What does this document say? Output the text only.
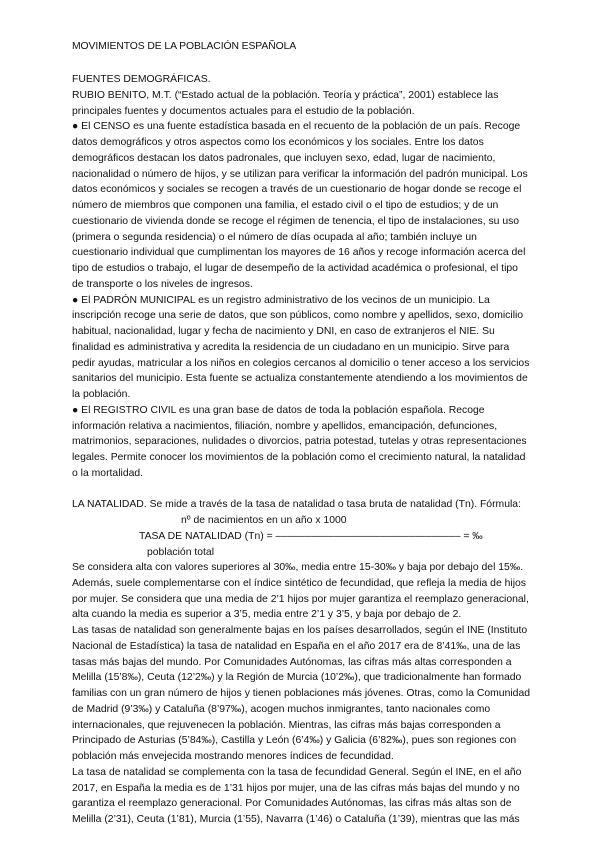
MOVIMIENTOS DE LA POBLACIÓN ESPAÑOLA

FUENTES DEMOGRÁFICAS.

RUBIO BENITO, M.T. (“Estado actual de la población. Teoría y práctica”, 2001) establece las principales fuentes y documentos actuales para el estudio de la población.

● El CENSO es una fuente estadística basada en el recuento de la población de un país. Recoge datos demográficos y otros aspectos como los económicos y los sociales. Entre los datos demográficos destacan los datos padronales, que incluyen sexo, edad, lugar de nacimiento, nacionalidad o número de hijos, y se utilizan para verificar la información del padrón municipal. Los datos económicos y sociales se recogen a través de un cuestionario de hogar donde se recoge el número de miembros que componen una familia, el estado civil o el tipo de estudios; y de un cuestionario de vivienda donde se recoge el régimen de tenencia, el tipo de instalaciones, su uso (primera o segunda residencia) o el número de días ocupada al año; también incluye un cuestionario individual que cumplimentan los mayores de 16 años y recoge información acerca del tipo de estudios o trabajo, el lugar de desempeño de la actividad académica o profesional, el tipo de transporte o los niveles de ingresos.

● El PADRÓN MUNICIPAL es un registro administrativo de los vecinos de un municipio. La inscripción recoge una serie de datos, que son públicos, como nombre y apellidos, sexo, domicilio habitual, nacionalidad, lugar y fecha de nacimiento y DNI, en caso de extranjeros el NIE. Su finalidad es administrativa y acredita la residencia de un ciudadano en un municipio. Sirve para pedir ayudas, matricular a los niños en colegios cercanos al domicilio o tener acceso a los servicios sanitarios del municipio. Esta fuente se actualiza constantemente atendiendo a los movimientos de la población.

● El REGISTRO CIVIL es una gran base de datos de toda la población española. Recoge información relativa a nacimientos, filiación, nombre y apellidos, emancipación, defunciones, matrimonios, separaciones, nulidades o divorcios, patria potestad, tutelas y otras representaciones legales. Permite conocer los movimientos de la población como el crecimiento natural, la natalidad o la mortalidad.

LA NATALIDAD. Se mide a través de la tasa de natalidad o tasa bruta de natalidad (Tn). Fórmula:

nº de nacimientos en un año x 1000
TASA DE NATALIDAD (Tn) = –––––––––––––––––––––––––––––––– = ‰
población total

Se considera alta con valores superiores al 30‰, media entre 15-30‰ y baja por debajo del 15‰. Además, suele complementarse con el índice sintético de fecundidad, que refleja la media de hijos por mujer. Se considera que una media de 2’1 hijos por mujer garantiza el reemplazo generacional, alta cuando la media es superior a 3’5, media entre 2’1 y 3’5, y baja por debajo de 2.

Las tasas de natalidad son generalmente bajas en los países desarrollados, según el INE (Instituto Nacional de Estadística) la tasa de natalidad en España en el año 2017 era de 8’41‰, una de las tasas más bajas del mundo. Por Comunidades Autónomas, las cifras más altas corresponden a Melilla (15’8‰), Ceuta (12’2‰) y la Región de Murcia (10’2‰), que tradicionalmente han formado familias con un gran número de hijos y tienen poblaciones más jóvenes. Otras, como la Comunidad de Madrid (9’3‰) y Cataluña (8’97‰), acogen muchos inmigrantes, tanto nacionales como internacionales, que rejuvenecen la población. Mientras, las cifras más bajas corresponden a Principado de Asturias (5’84‰), Castilla y León (6’4‰) y Galicia (6’82‰), pues son regiones con población más envejecida mostrando menores índices de fecundidad.

La tasa de natalidad se complementa con la tasa de fecundidad General. Según el INE, en el año 2017, en España la media es de 1’31 hijos por mujer, una de las cifras más bajas del mundo y no garantiza el reemplazo generacional. Por Comunidades Autónomas, las cifras más altas son de Melilla (2’31), Ceuta (1’81), Murcia (1’55), Navarra (1’46) o Cataluña (1’39), mientras que las más
